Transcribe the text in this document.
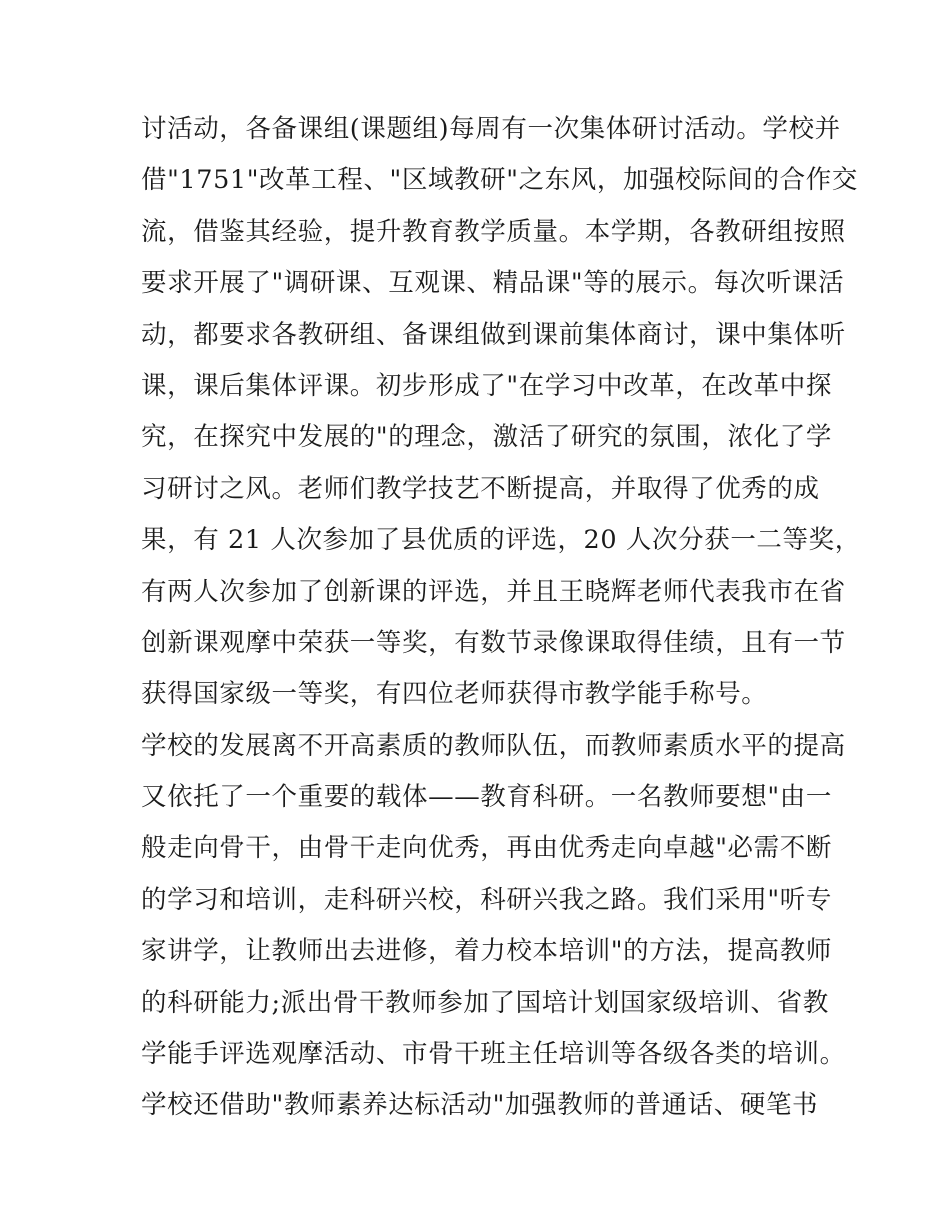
讨活动，各备课组(课题组)每周有一次集体研讨活动。学校并
借"1751"改革工程、"区域教研"之东风，加强校际间的合作交
流，借鉴其经验，提升教育教学质量。本学期，各教研组按照
要求开展了"调研课、互观课、精品课"等的展示。每次听课活
动，都要求各教研组、备课组做到课前集体商讨，课中集体听
课，课后集体评课。初步形成了"在学习中改革，在改革中探
究，在探究中发展的"的理念，激活了研究的氛围，浓化了学
习研讨之风。老师们教学技艺不断提高，并取得了优秀的成
果，有 21 人次参加了县优质的评选，20 人次分获一二等奖，
有两人次参加了创新课的评选，并且王晓辉老师代表我市在省
创新课观摩中荣获一等奖，有数节录像课取得佳绩，且有一节
获得国家级一等奖，有四位老师获得市教学能手称号。
学校的发展离不开高素质的教师队伍，而教师素质水平的提高
又依托了一个重要的载体——教育科研。一名教师要想"由一
般走向骨干，由骨干走向优秀，再由优秀走向卓越"必需不断
的学习和培训，走科研兴校，科研兴我之路。我们采用"听专
家讲学，让教师出去进修，着力校本培训"的方法，提高教师
的科研能力;派出骨干教师参加了国培计划国家级培训、省教
学能手评选观摩活动、市骨干班主任培训等各级各类的培训。
学校还借助"教师素养达标活动"加强教师的普通话、硬笔书
